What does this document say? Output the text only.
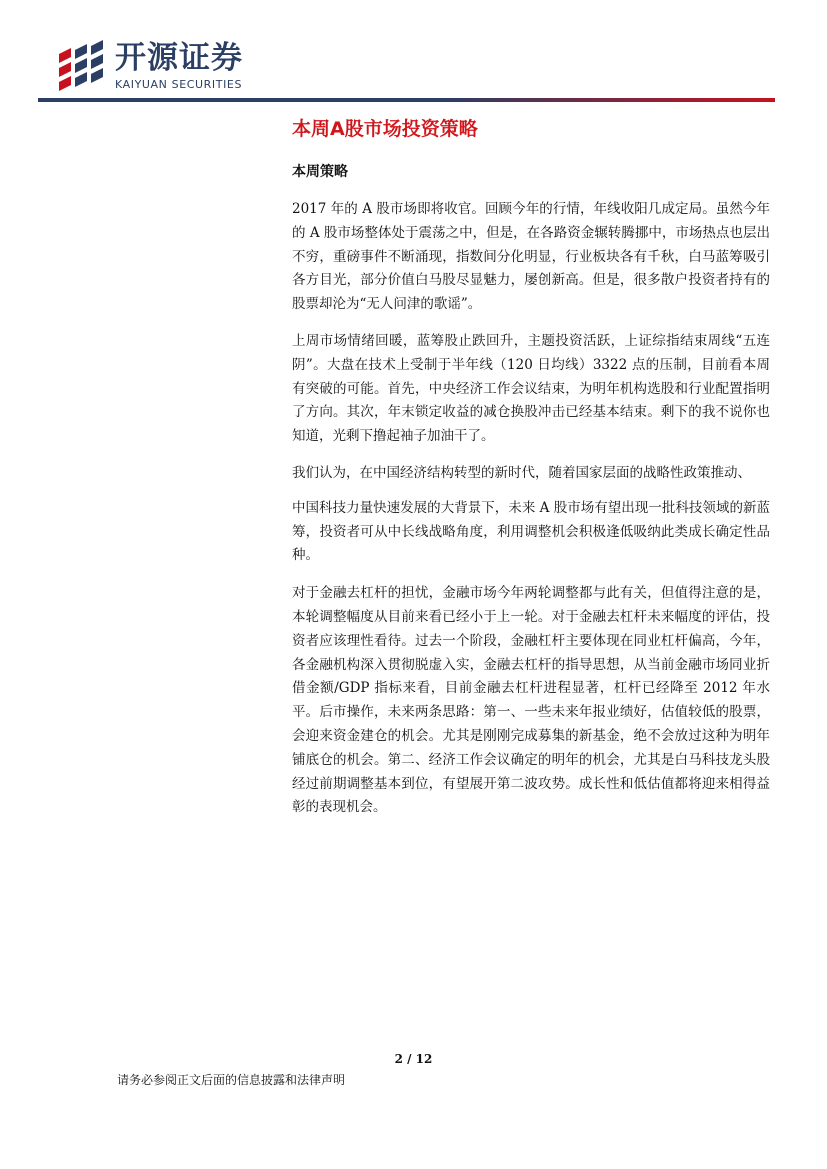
开源证券
KAIYUAN SECURITIES
本周A股市场投资策略
本周策略

2017 年的 A 股市场即将收官。回顾今年的行情，年线收阳几成定局。虽然今年的 A 股市场整体处于震荡之中，但是，在各路资金辗转腾挪中，市场热点也层出不穷，重磅事件不断涌现，指数间分化明显，行业板块各有千秋，白马蓝筹吸引各方目光，部分价值白马股尽显魅力，屡创新高。但是，很多散户投资者持有的股票却沦为“无人问津的歌谣”。

上周市场情绪回暖，蓝筹股止跌回升，主题投资活跃，上证综指结束周线“五连阴”。大盘在技术上受制于半年线（120 日均线）3322 点的压制，目前看本周有突破的可能。首先，中央经济工作会议结束，为明年机构选股和行业配置指明了方向。其次，年末锁定收益的减仓换股冲击已经基本结束。剩下的我不说你也知道，光剩下撸起袖子加油干了。

我们认为，在中国经济结构转型的新时代，随着国家层面的战略性政策推动、

中国科技力量快速发展的大背景下，未来 A 股市场有望出现一批科技领域的新蓝筹，投资者可从中长线战略角度，利用调整机会积极逢低吸纳此类成长确定性品种。

对于金融去杠杆的担忧，金融市场今年两轮调整都与此有关，但值得注意的是，本轮调整幅度从目前来看已经小于上一轮。对于金融去杠杆未来幅度的评估，投资者应该理性看待。过去一个阶段，金融杠杆主要体现在同业杠杆偏高，今年，各金融机构深入贯彻脱虚入实，金融去杠杆的指导思想，从当前金融市场同业折借金额/GDP 指标来看，目前金融去杠杆进程显著，杠杆已经降至 2012 年水平。后市操作，未来两条思路：第一、一些未来年报业绩好，估值较低的股票，会迎来资金建仓的机会。尤其是刚刚完成募集的新基金，绝不会放过这种为明年铺底仓的机会。第二、经济工作会议确定的明年的机会，尤其是白马科技龙头股经过前期调整基本到位，有望展开第二波攻势。成长性和低估值都将迎来相得益彰的表现机会。

2 / 12
请务必参阅正文后面的信息披露和法律声明
